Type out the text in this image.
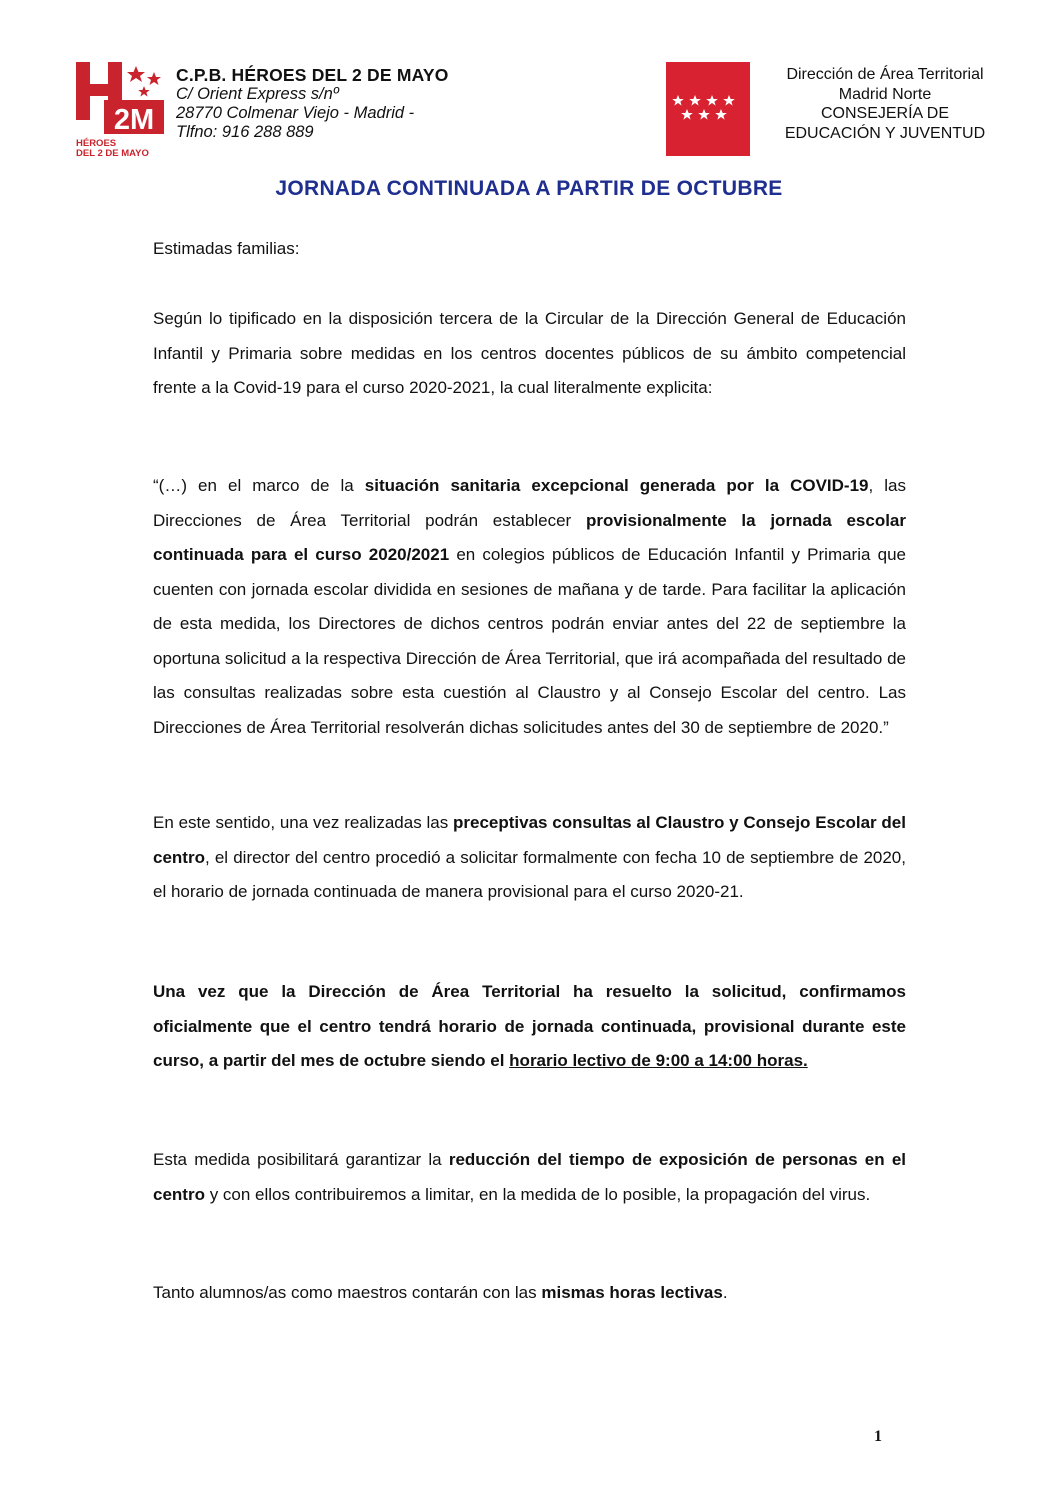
2M
HÉROES
DEL 2 DE MAYO
C.P.B. HÉROES DEL 2 DE MAYO
C/ Orient Express s/nº
28770 Colmenar Viejo - Madrid -
Tlfno: 916 288 889
Dirección de Área Territorial
Madrid Norte
CONSEJERÍA DE
EDUCACIÓN Y JUVENTUD
JORNADA CONTINUADA A PARTIR DE OCTUBRE
Estimadas familias:

Según lo tipificado en la disposición tercera de la Circular de la Dirección General de Educación Infantil y Primaria sobre medidas en los centros docentes públicos de su ámbito competencial frente a la Covid-19 para el curso 2020-2021, la cual literalmente explicita:

“(…) en el marco de la situación sanitaria excepcional generada por la COVID-19, las Direcciones de Área Territorial podrán establecer provisionalmente la jornada escolar continuada para el curso 2020/2021 en colegios públicos de Educación Infantil y Primaria que cuenten con jornada escolar dividida en sesiones de mañana y de tarde. Para facilitar la aplicación de esta medida, los Directores de dichos centros podrán enviar antes del 22 de septiembre la oportuna solicitud a la respectiva Dirección de Área Territorial, que irá acompañada del resultado de las consultas realizadas sobre esta cuestión al Claustro y al Consejo Escolar del centro. Las Direcciones de Área Territorial resolverán dichas solicitudes antes del 30 de septiembre de 2020.”

En este sentido, una vez realizadas las preceptivas consultas al Claustro y Consejo Escolar del centro, el director del centro procedió a solicitar formalmente con fecha 10 de septiembre de 2020, el horario de jornada continuada de manera provisional para el curso 2020-21.

Una vez que la Dirección de Área Territorial ha resuelto la solicitud, confirmamos oficialmente que el centro tendrá horario de jornada continuada, provisional durante este curso, a partir del mes de octubre siendo el horario lectivo de 9:00 a 14:00 horas.

Esta medida posibilitará garantizar la reducción del tiempo de exposición de personas en el centro y con ellos contribuiremos a limitar, en la medida de lo posible, la propagación del virus.

Tanto alumnos/as como maestros contarán con las mismas horas lectivas.

1
